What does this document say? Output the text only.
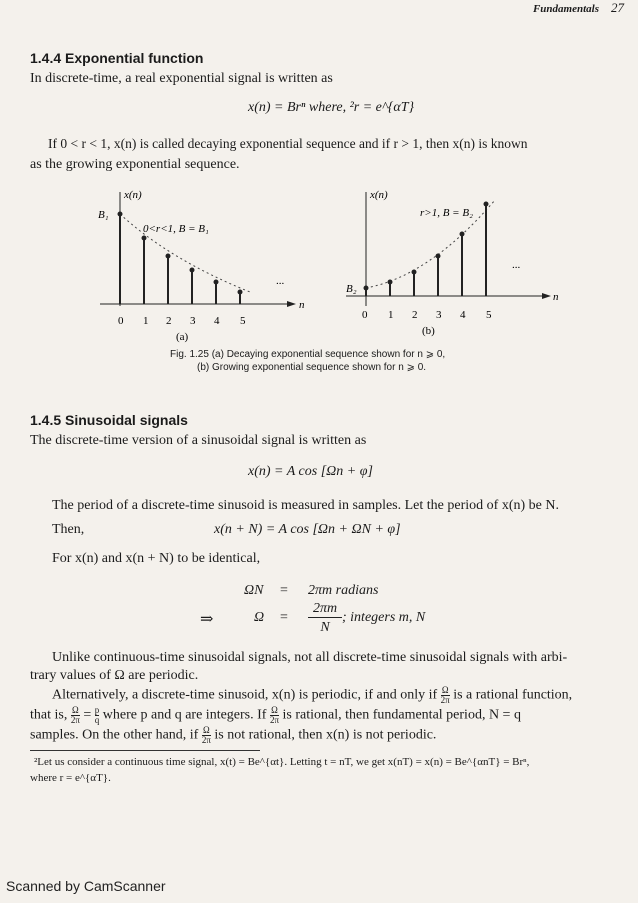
Fundamentals 27
1.4.4 Exponential function
In discrete-time, a real exponential signal is written as
x(n) = Brⁿ where, ²r = e^{αT}
If 0 < r < 1, x(n) is called decaying exponential sequence and if r > 1, then x(n) is known
as the growing exponential sequence.
x(n)
B₁
0<r<1, B = B₁
...
n
0 1 2 3 4 5
(a)
x(n)
B₂
r>1, B = B₂
...
n
0 1 2 3 4 5
(b)
Fig. 1.25 (a) Decaying exponential sequence shown for n ⩾ 0,
(b) Growing exponential sequence shown for n ⩾ 0.
1.4.5 Sinusoidal signals
The discrete-time version of a sinusoidal signal is written as
x(n) = A cos [Ωn + φ]
The period of a discrete-time sinusoid is measured in samples. Let the period of x(n) be N.
Then,	x(n + N) = A cos [Ωn + ΩN + φ]
For x(n) and x(n + N) to be identical,
ΩN = 2πm radians
⇒	Ω =
2πm
N
; integers m, N
Unlike continuous-time sinusoidal signals, not all discrete-time sinusoidal signals with arbi-
trary values of Ω are periodic.
Alternatively, a discrete-time sinusoid, x(n) is periodic, if and only if $\frac{\Omega}{2\pi}$ is a rational function,
that is, $\frac{\Omega}{2\pi} = \frac{p}{q}$ where p and q are integers. If $\frac{\Omega}{2\pi}$ is rational, then fundamental period, N = q
samples. On the other hand, if $\frac{\Omega}{2\pi}$ is not rational, then x(n) is not periodic.
²Let us consider a continuous time signal, x(t) = Be^{αt}. Letting t = nT, we get x(nT) = x(n) = Be^{αnT} = Brⁿ,
where r = e^{αT}.
Scanned by CamScanner
